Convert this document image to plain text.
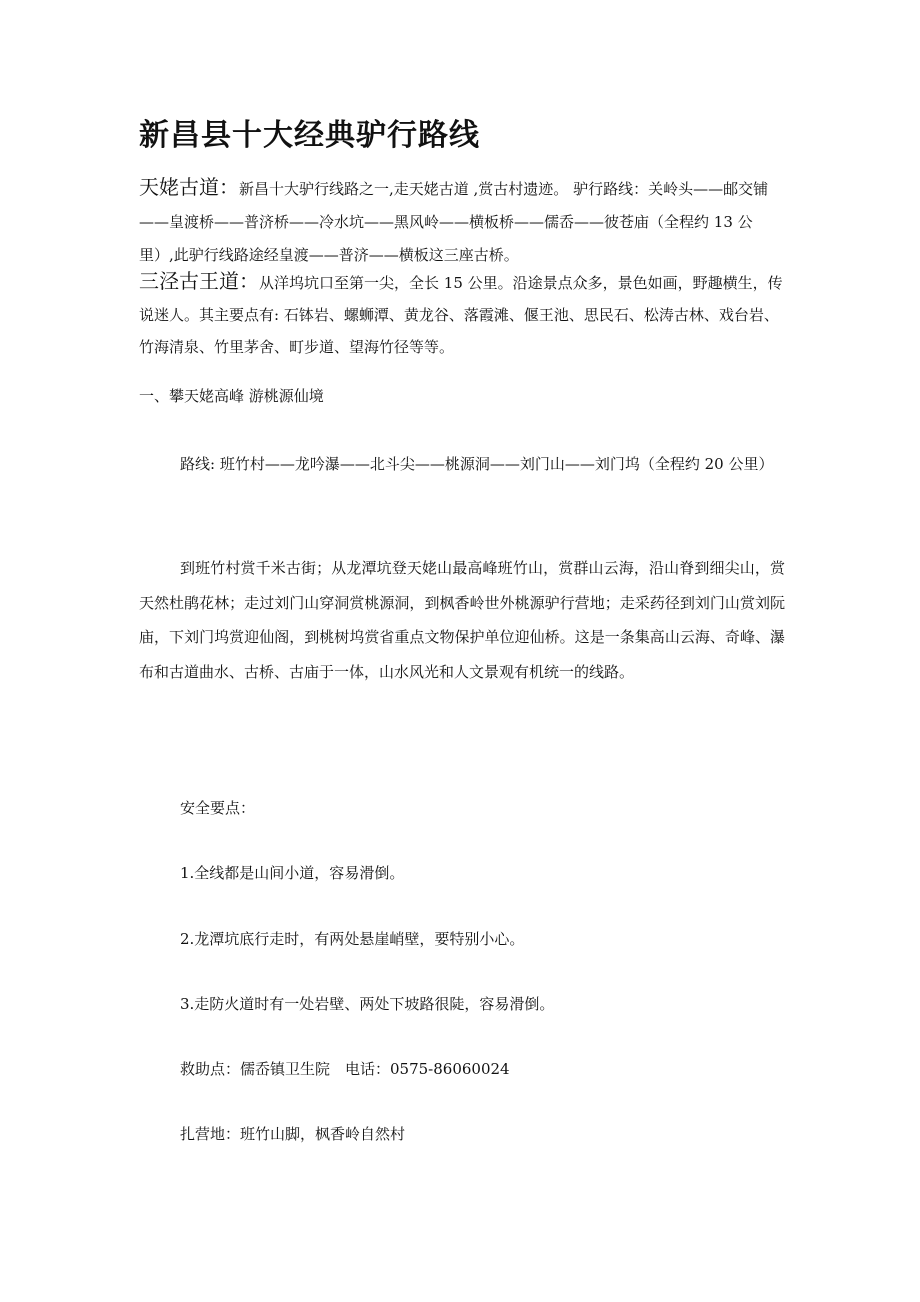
新昌县十大经典驴行路线

天姥古道：新昌十大驴行线路之一,走天姥古道 ,赏古村遗迹。 驴行路线：关岭头——邮交铺——皇渡桥——普济桥——冷水坑——黑风岭——横板桥——儒岙——彼苍庙（全程约 13 公里）,此驴行线路途经皇渡——普济——横板这三座古桥。

三泾古王道：从洋坞坑口至第一尖，全长 15 公里。沿途景点众多，景色如画，野趣横生，传说迷人。其主要点有: 石钵岩、螺蛳潭、黄龙谷、落霞滩、偃王池、思民石、松涛古林、戏台岩、竹海清泉、竹里茅舍、町步道、望海竹径等等。

一、攀天姥高峰 游桃源仙境

路线: 班竹村——龙吟瀑——北斗尖——桃源洞——刘门山——刘门坞（全程约 20 公里）

到班竹村赏千米古街；从龙潭坑登天姥山最高峰班竹山，赏群山云海，沿山脊到细尖山，赏天然杜鹃花林；走过刘门山穿洞赏桃源洞，到枫香岭世外桃源驴行营地；走采药径到刘门山赏刘阮庙，下刘门坞赏迎仙阁，到桃树坞赏省重点文物保护单位迎仙桥。这是一条集高山云海、奇峰、瀑布和古道曲水、古桥、古庙于一体，山水风光和人文景观有机统一的线路。

安全要点：

1.全线都是山间小道，容易滑倒。

2.龙潭坑底行走时，有两处悬崖峭壁，要特别小心。

3.走防火道时有一处岩壁、两处下坡路很陡，容易滑倒。

救助点：儒岙镇卫生院　电话：0575-86060024

扎营地：班竹山脚，枫香岭自然村
